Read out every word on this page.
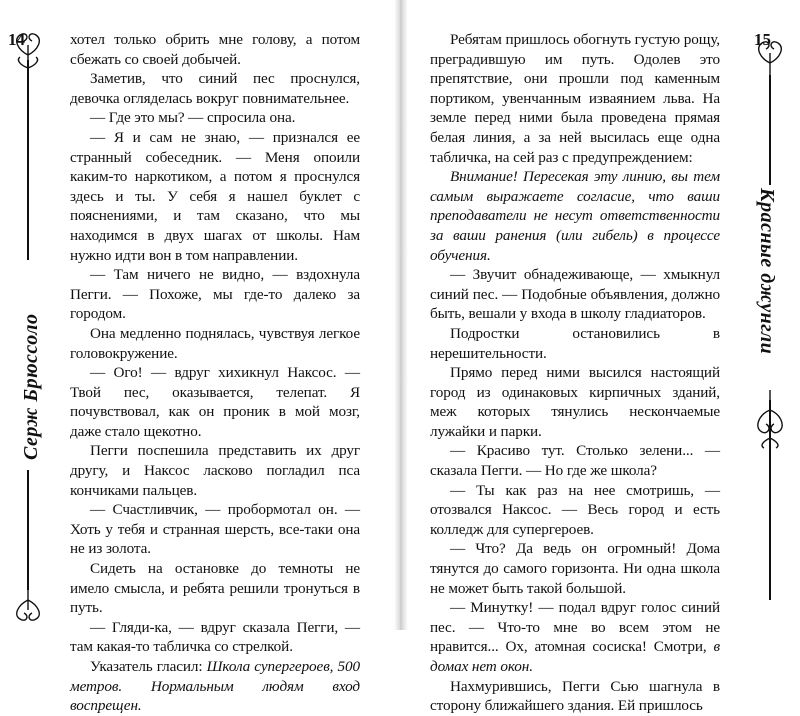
14
Серж Брюссоло

хотел только обрить мне голову, а потом сбежать со своей добычей.

Заметив, что синий пес проснулся, девочка огляделась вокруг повнимательнее.

— Где это мы? — спросила она.

— Я и сам не знаю, — признался ее странный собеседник. — Меня опоили каким-то наркотиком, а потом я проснулся здесь и ты. У себя я нашел буклет с пояснениями, и там сказано, что мы находимся в двух шагах от школы. Нам нужно идти вон в том направлении.

— Там ничего не видно, — вздохнула Пегги. — Похоже, мы где-то далеко за городом.

Она медленно поднялась, чувствуя легкое головокружение.

— Ого! — вдруг хихикнул Наксос. — Твой пес, оказывается, телепат. Я почувствовал, как он проник в мой мозг, даже стало щекотно.

Пегги поспешила представить их друг другу, и Наксос ласково погладил пса кончиками пальцев.

— Счастливчик, — пробормотал он. — Хоть у тебя и странная шерсть, все-таки она не из золота.

Сидеть на остановке до темноты не имело смысла, и ребята решили тронуться в путь.

— Гляди-ка, — вдруг сказала Пегги, — там какая-то табличка со стрелкой.

Указатель гласил: Школа супергероев, 500 метров. Нормальным людям вход воспрещен.

15
Красные джунгли

Ребятам пришлось обогнуть густую рощу, преградившую им путь. Одолев это препятствие, они прошли под каменным портиком, увенчанным изваянием льва. На земле перед ними была проведена прямая белая линия, а за ней высилась еще одна табличка, на сей раз с предупреждением:

Внимание! Пересекая эту линию, вы тем самым выражаете согласие, что ваши преподаватели не несут ответственности за ваши ранения (или гибель) в процессе обучения.

— Звучит обнадеживающе, — хмыкнул синий пес. — Подобные объявления, должно быть, вешали у входа в школу гладиаторов.

Подростки остановились в нерешительности.

Прямо перед ними высился настоящий город из одинаковых кирпичных зданий, меж которых тянулись нескончаемые лужайки и парки.

— Красиво тут. Столько зелени... — сказала Пегги. — Но где же школа?

— Ты как раз на нее смотришь, — отозвался Наксос. — Весь город и есть колледж для супергероев.

— Что? Да ведь он огромный! Дома тянутся до самого горизонта. Ни одна школа не может быть такой большой.

— Минутку! — подал вдруг голос синий пес. — Что-то мне во всем этом не нравится... Ох, атомная сосиска! Смотри, в домах нет окон.

Нахмурившись, Пегги Сью шагнула в сторону ближайшего здания. Ей пришлось
